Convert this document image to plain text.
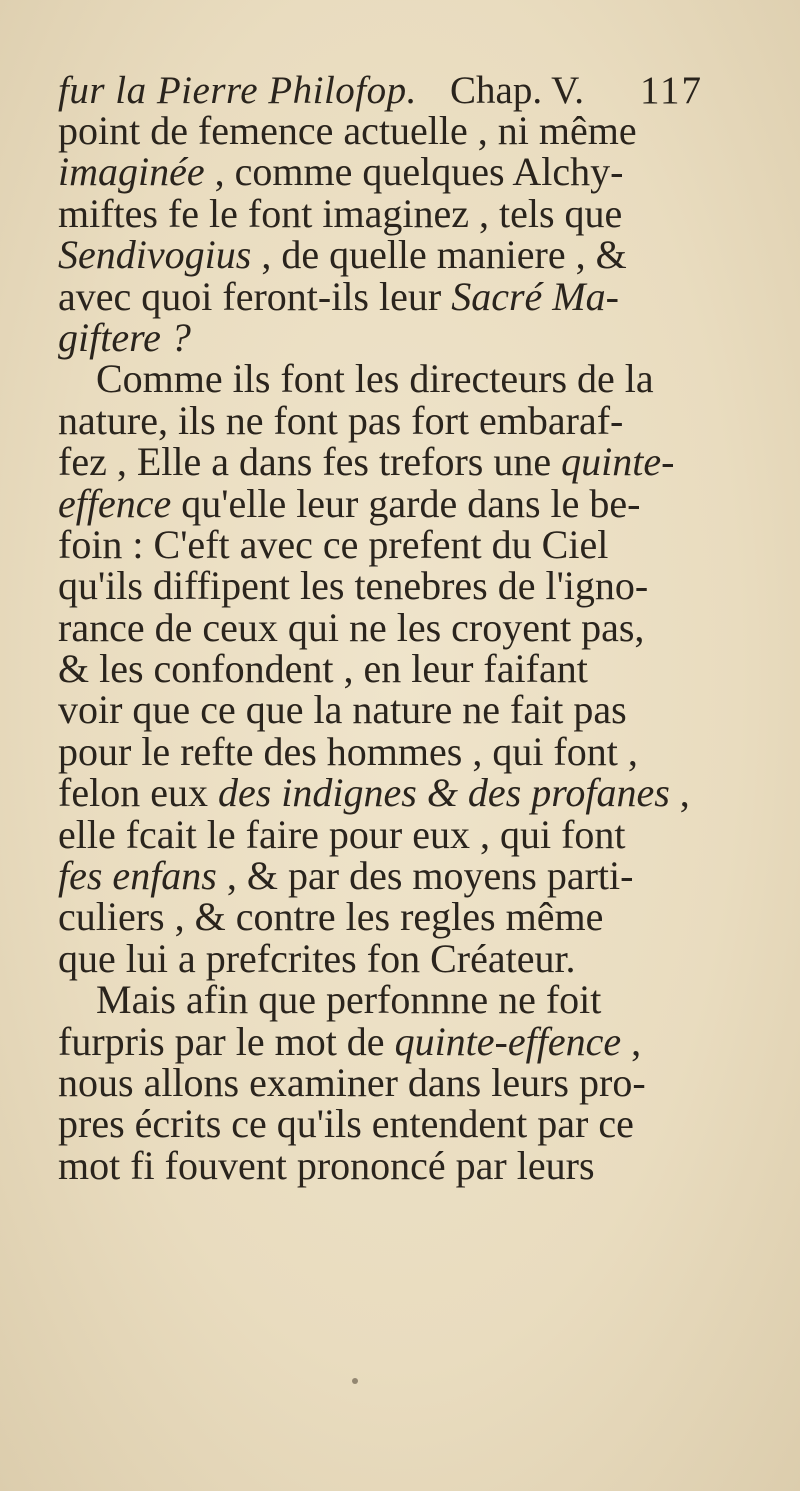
fur la Pierre Philofop. Chap. V. 117
point de femence actuelle , ni même
imaginée , comme quelques Alchy-
miftes fe le font imaginez , tels que
Sendivogius , de quelle maniere , &
avec quoi feront-ils leur Sacré Ma-
giftere ?
Comme ils font les directeurs de la
nature, ils ne font pas fort embaraf-
fez , Elle a dans fes trefors une quinte-
effence qu'elle leur garde dans le be-
foin : C'eft avec ce prefent du Ciel
qu'ils diffipent les tenebres de l'igno-
rance de ceux qui ne les croyent pas,
& les confondent , en leur faifant
voir que ce que la nature ne fait pas
pour le refte des hommes , qui font ,
felon eux des indignes & des profanes ,
elle fcait le faire pour eux , qui font
fes enfans , & par des moyens parti-
culiers , & contre les regles même
que lui a prefcrites fon Créateur.
Mais afin que perfonnne ne foit
furpris par le mot de quinte-effence ,
nous allons examiner dans leurs pro-
pres écrits ce qu'ils entendent par ce
mot fi fouvent prononcé par leurs
